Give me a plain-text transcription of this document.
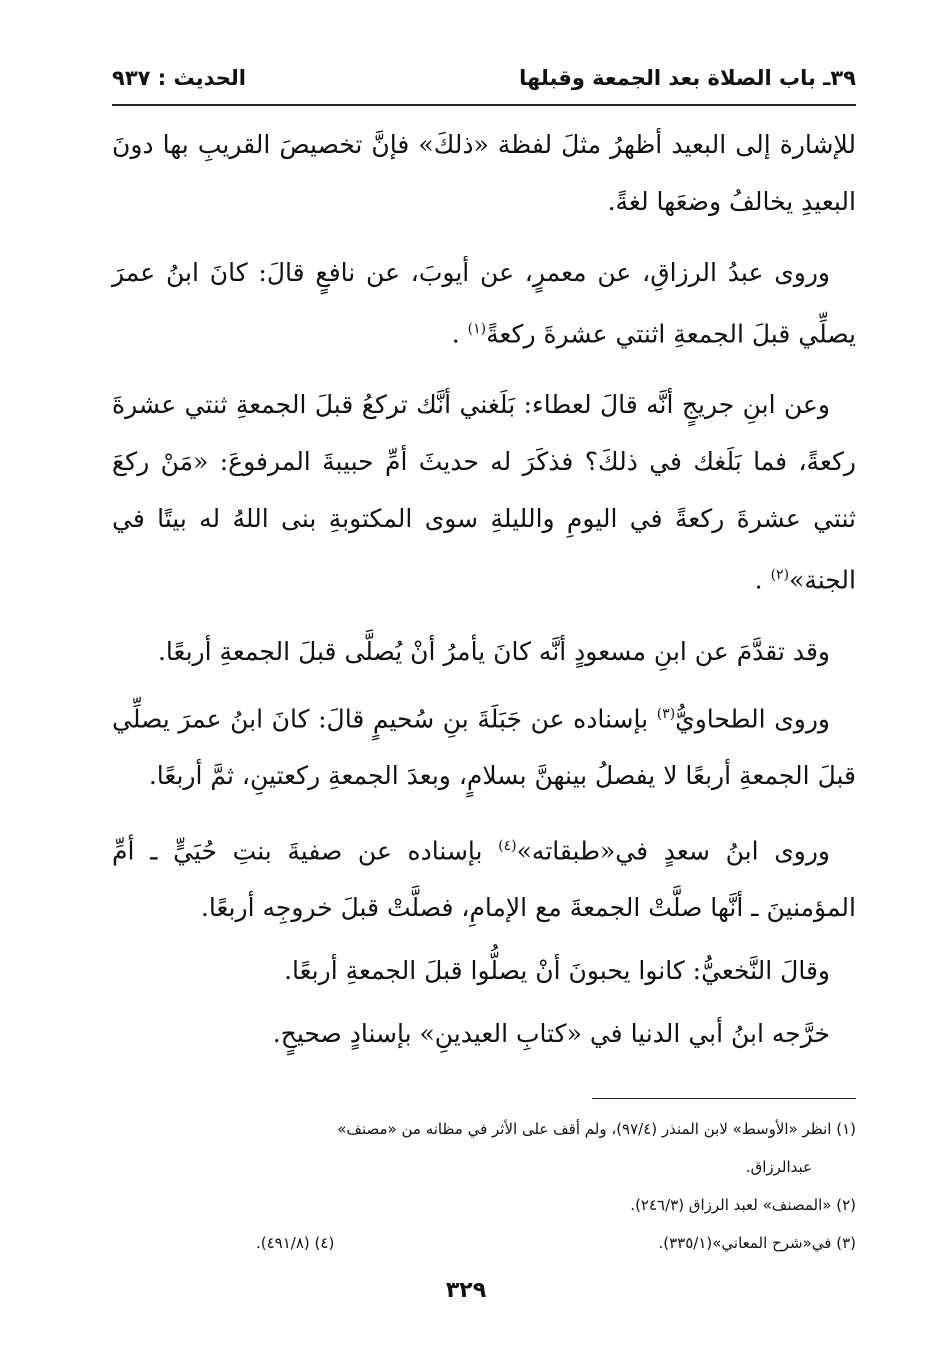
٣٩ـ باب الصلاة بعد الجمعة وقبلها
الحديث : ٩٣٧

للإشارة إلى البعيد أظهرُ مثلَ لفظة «ذلكَ» فإنَّ تخصيصَ القريبِ بها دونَ البعيدِ يخالفُ وضعَها لغةً.

وروى عبدُ الرزاقِ، عن معمرٍ، عن أيوبَ، عن نافعٍ قالَ: كانَ ابنُ عمرَ يصلِّي قبلَ الجمعةِ اثنتي عشرةَ ركعةً$^{(١)}$ .

وعن ابنِ جريجٍ أنَّه قالَ لعطاء: بَلَغني أنَّك تركعُ قبلَ الجمعةِ ثنتي عشرةَ ركعةً، فما بَلَغك في ذلكَ؟ فذكَرَ له حديثَ أمِّ حبيبةَ المرفوعَ: «مَنْ ركعَ ثنتي عشرةَ ركعةً في اليومِ والليلةِ سوى المكتوبةِ بنى اللهُ له بيتًا في الجنة»$^{(٢)}$ .

وقد تقدَّمَ عن ابنِ مسعودٍ أنَّه كانَ يأمرُ أنْ يُصلَّى قبلَ الجمعةِ أربعًا.

وروى الطحاويُّ$^{(٣)}$ بإسناده عن جَبَلَةَ بنِ سُحيمٍ قالَ: كانَ ابنُ عمرَ يصلِّي قبلَ الجمعةِ أربعًا لا يفصلُ بينهنَّ بسلامٍ، وبعدَ الجمعةِ ركعتينِ، ثمَّ أربعًا.

وروى ابنُ سعدٍ في«طبقاته»$^{(٤)}$ بإسناده عن صفيةَ بنتِ حُيَيٍّ ـ أمِّ المؤمنينَ ـ أنَّها صلَّتْ الجمعةَ مع الإمامِ، فصلَّتْ قبلَ خروجِه أربعًا.

وقالَ النَّخعيُّ: كانوا يحبونَ أنْ يصلُّوا قبلَ الجمعةِ أربعًا.

خرَّجه ابنُ أبي الدنيا في «كتابِ العيدينِ» بإسنادٍ صحيحٍ.

(١) انظر «الأوسط» لابن المنذر (٩٧/٤)، ولم أقف على الأثر في مظانه من «مصنف»

عبدالرزاق.

(٢) «المصنف» لعبد الرزاق (٢٤٦/٣).

(٣) في«شرح المعاني»(٣٣٥/١).
(٤) (٤٩١/٨).
٣٢٩
